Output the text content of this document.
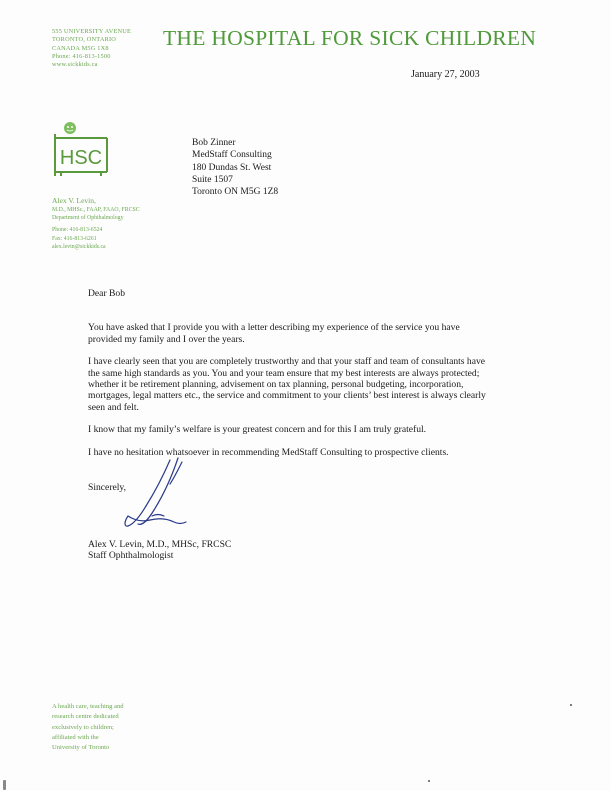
555 UNIVERSITY AVENUE
TORONTO, ONTARIO
CANADA M5G 1X8
Phone: 416-813-1500
www.sickkids.ca
THE HOSPITAL FOR SICK CHILDREN
January 27, 2003
HSC
Bob Zinner
MedStaff Consulting
180 Dundas St. West
Suite 1507
Toronto ON M5G 1Z8
Alex V. Levin,
M.D., MHSc., FAAP, FAAO, FRCSC
Department of Ophthalmology
Phone: 416-813-6524
Fax: 416-813-6261
alex.levin@sickkids.ca

Dear Bob

You have asked that I provide you with a letter describing my experience of the service you have provided my family and I over the years.

I have clearly seen that you are completely trustworthy and that your staff and team of consultants have the same high standards as you. You and your team ensure that my best interests are always protected; whether it be retirement planning, advisement on tax planning, personal budgeting, incorporation, mortgages, legal matters etc., the service and commitment to your clients’ best interest is always clearly seen and felt.

I know that my family’s welfare is your greatest concern and for this I am truly grateful.

I have no hesitation whatsoever in recommending MedStaff Consulting to prospective clients.

Sincerely,
Alex V. Levin, M.D., MHSc, FRCSC
Staff Ophthalmologist
A health care, teaching and
research centre dedicated
exclusively to children;
affiliated with the
University of Toronto
